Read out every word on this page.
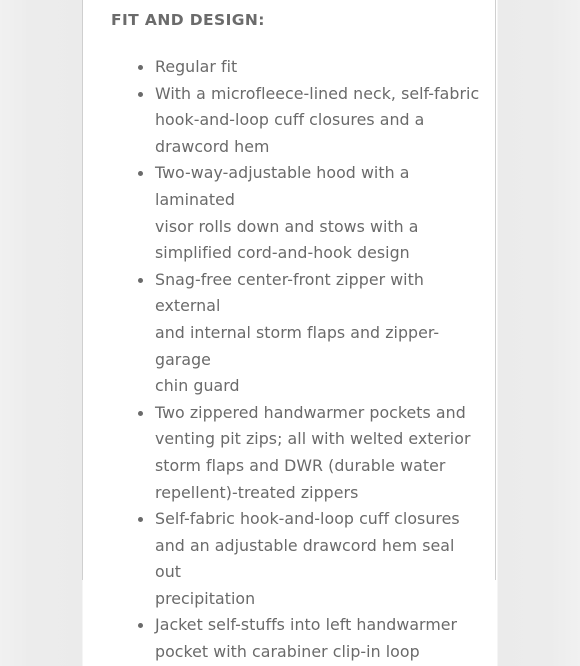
FIT AND DESIGN:
Regular fit
With a microfleece-lined neck, self-fabric
hook-and-loop cuff closures and a
drawcord hem
Two-way-adjustable hood with a laminated
visor rolls down and stows with a
simplified cord-and-hook design
Snag-free center-front zipper with external
and internal storm flaps and zipper-garage
chin guard
Two zippered handwarmer pockets and
venting pit zips; all with welted exterior
storm flaps and DWR (durable water
repellent)-treated zippers
Self-fabric hook-and-loop cuff closures
and an adjustable drawcord hem seal out
precipitation
Jacket self-stuffs into left handwarmer
pocket with carabiner clip-in loop
